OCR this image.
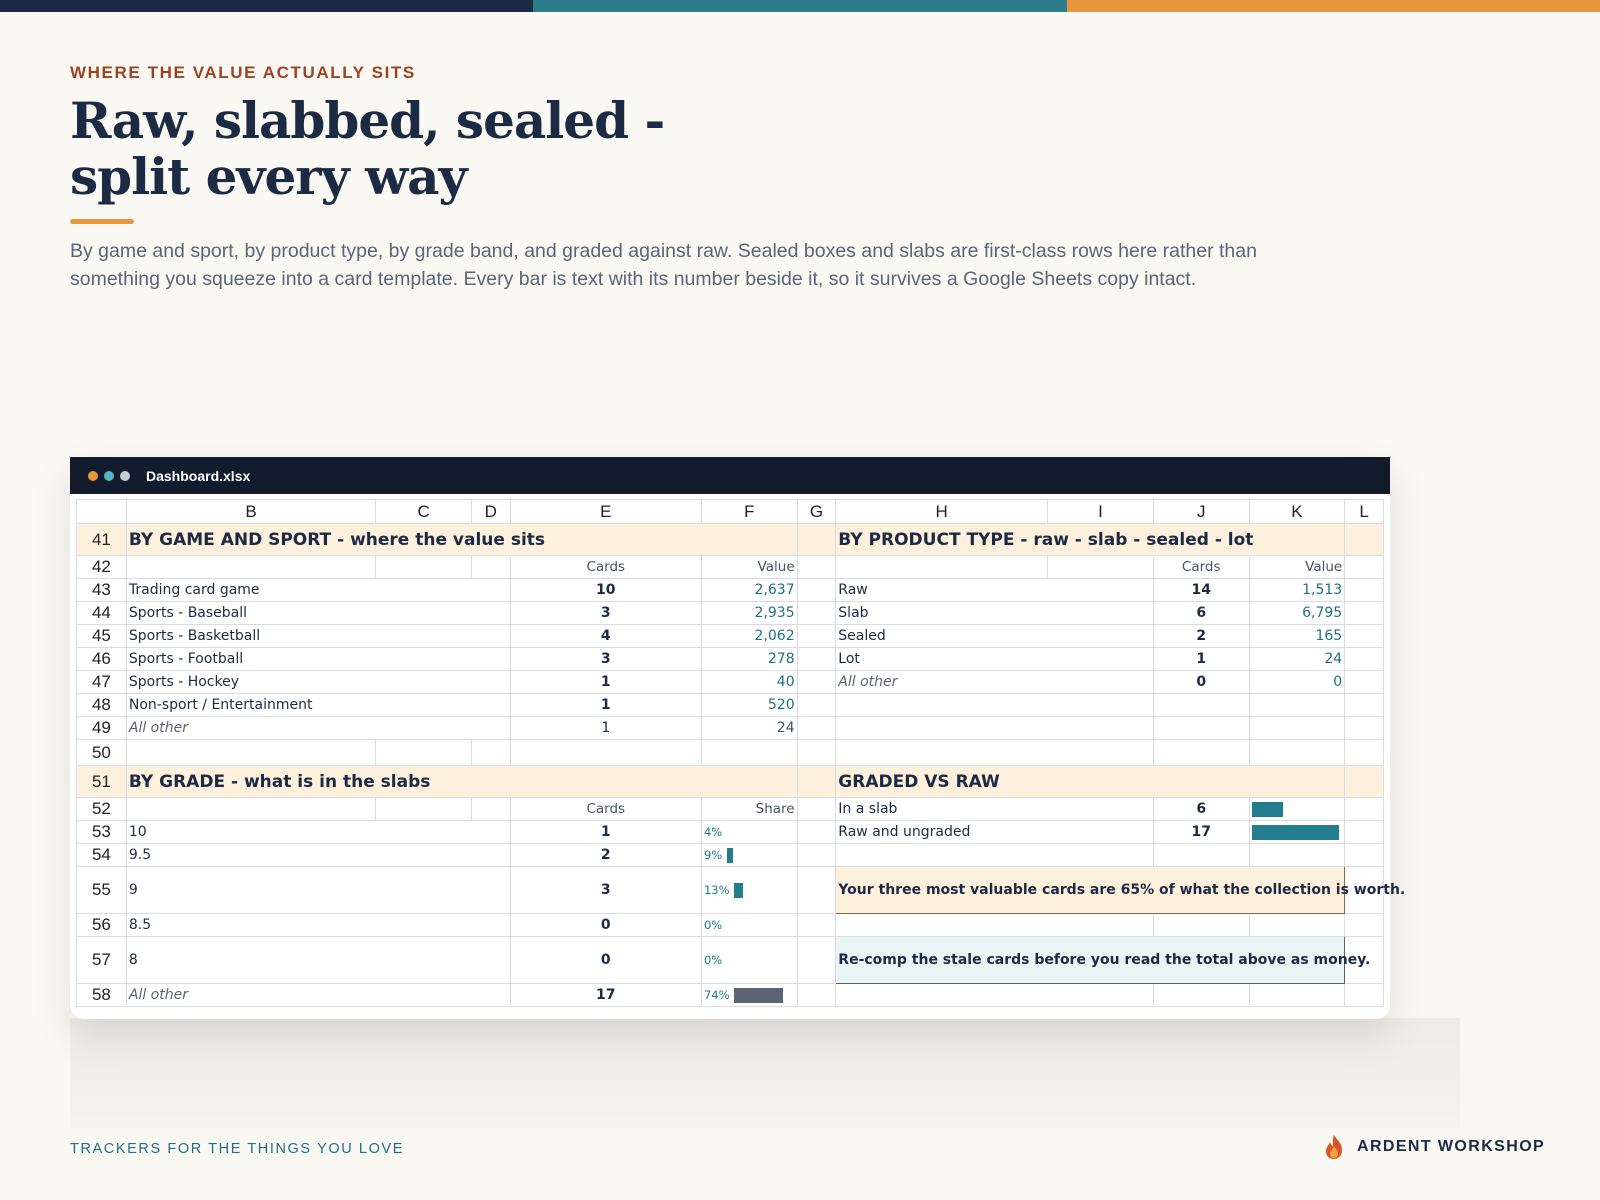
WHERE THE VALUE ACTUALLY SITS
Raw, slabbed, sealed -
split every way

By game and sport, by product type, by grade band, and graded against raw. Sealed boxes and slabs are first-class rows here rather than something you squeeze into a card template. Every bar is text with its number beside it, so it survives a Google Sheets copy intact.

Dashboard.xlsx
	B	C	D	E	F	G	H	I	J	K	L
41	BY GAME AND SPORT - where the value sits						BY PRODUCT TYPE - raw - slab - sealed - lot				
42				Cards	Value				Cards	Value	
43	Trading card game			10	2,637		Raw		14	1,513	
44	Sports - Baseball			3	2,935		Slab		6	6,795	
45	Sports - Basketball			4	2,062		Sealed		2	165	
46	Sports - Football			3	278		Lot		1	24	
47	Sports - Hockey			1	40		All other		0	0	
48	Non-sport / Entertainment			1	520						
49	All other			1	24						
50											
51	BY GRADE - what is in the slabs						GRADED VS RAW				
52				Cards	Share		In a slab		6		
53	10			1	4%		Raw and ungraded		17		
54	9.5			2	9%						
55	9			3	13%		Your three most valuable cards are 65% of what the collection is worth.				
56	8.5			0	0%						
57	8			0	0%		Re-comp the stale cards before you read the total above as money.				
58	All other			17	74%						
TRACKERS FOR THE THINGS YOU LOVE	ARDENT WORKSHOP
